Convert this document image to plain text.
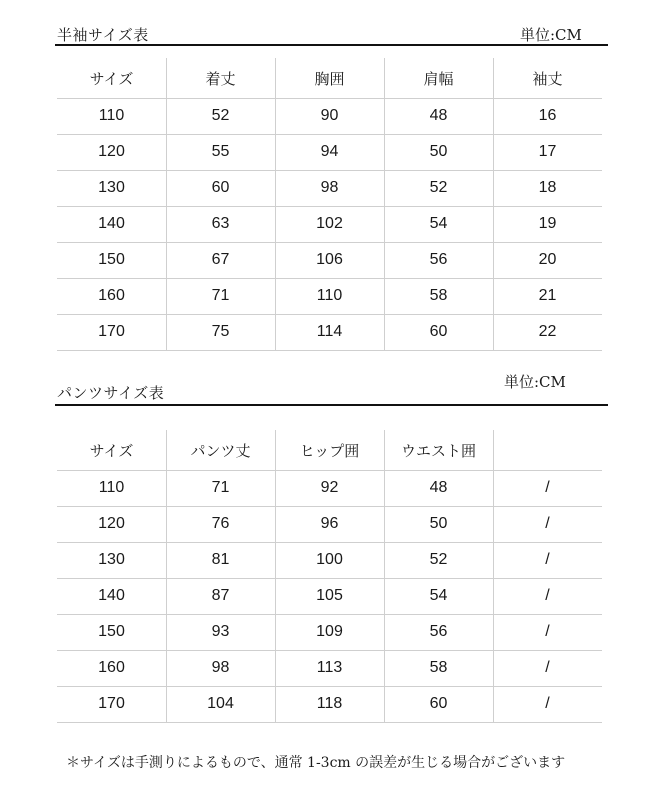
半袖サイズ表	単位:CM
サイズ	着丈	胸囲	肩幅	袖丈
110	52	90	48	16
120	55	94	50	17
130	60	98	52	18
140	63	102	54	19
150	67	106	56	20
160	71	110	58	21
170	75	114	60	22
パンツサイズ表
単位:CM
サイズ	パンツ丈	ヒップ囲	ウエスト囲
110	71	92	48	/
120	76	96	50	/
130	81	100	52	/
140	87	105	54	/
150	93	109	56	/
160	98	113	58	/
170	104	118	60	/
＊サイズは手測りによるもので、通常 1-3cm の誤差が生じる場合がございます
